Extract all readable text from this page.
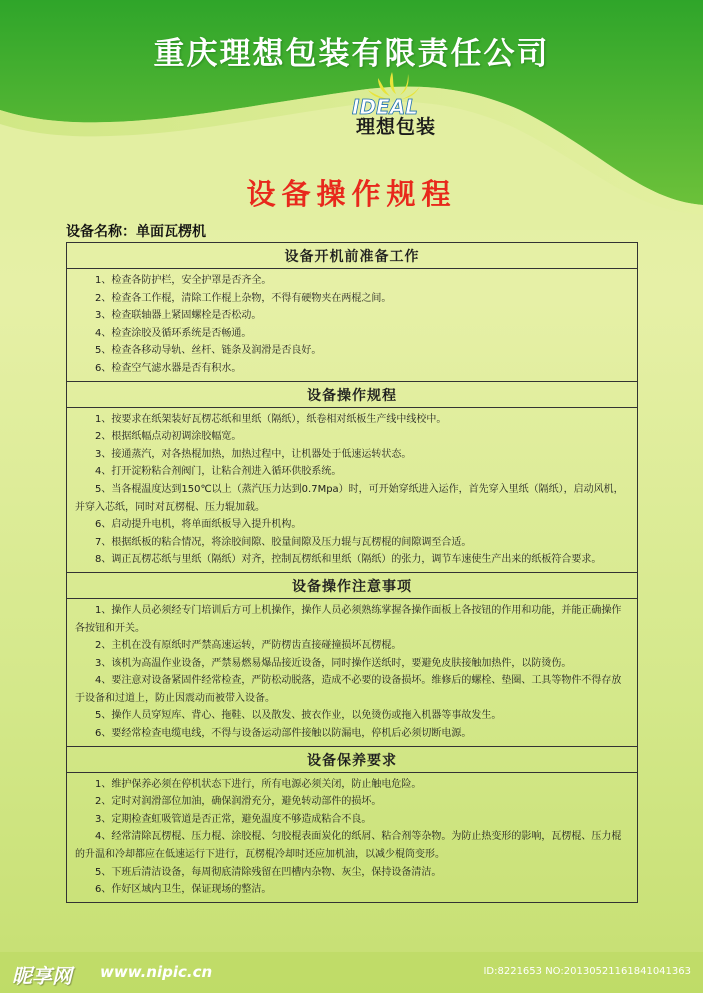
重庆理想包装有限责任公司
IDEAL
理想包装
设备操作规程
设备名称：单面瓦楞机
设备开机前准备工作
1、检查各防护栏，安全护罩是否齐全。
2、检查各工作棍，清除工作棍上杂物，不得有硬物夹在两棍之间。
3、检查联轴器上紧固螺栓是否松动。
4、检查涂胶及循环系统是否畅通。
5、检查各移动导轨、丝杆、链条及润滑是否良好。
6、检查空气滤水器是否有积水。
设备操作规程
1、按要求在纸架装好瓦楞芯纸和里纸（隔纸），纸卷相对纸板生产线中线校中。
2、根据纸幅点动初调涂胶幅宽。
3、接通蒸汽，对各热棍加热，加热过程中，让机器处于低速运转状态。
4、打开淀粉粘合剂阀门，让粘合剂进入循环供胶系统。
5、当各棍温度达到150℃以上（蒸汽压力达到0.7Mpa）时，可开始穿纸进入运作，首先穿入里纸（隔纸），启动风机，并穿入芯纸，同时对瓦楞棍、压力辊加载。
6、启动提升电机，将单面纸板导入提升机构。
7、根据纸板的粘合情况，将涂胶间隙、胶量间隙及压力辊与瓦楞棍的间隙调至合适。
8、调正瓦楞芯纸与里纸（隔纸）对齐，控制瓦楞纸和里纸（隔纸）的张力，调节车速使生产出来的纸板符合要求。
设备操作注意事项
1、操作人员必须经专门培训后方可上机操作，操作人员必须熟练掌握各操作面板上各按钮的作用和功能，并能正确操作各按钮和开关。
2、主机在没有原纸时严禁高速运转，严防楞齿直接碰撞损坏瓦楞棍。
3、该机为高温作业设备，严禁易燃易爆品接近设备，同时操作送纸时，要避免皮肤接触加热件，以防烫伤。
4、要注意对设备紧固件经常检查，严防松动脱落，造成不必要的设备损坏。维修后的螺栓、垫圈、工具等物件不得存放于设备和过道上，防止因震动而被带入设备。
5、操作人员穿短库、背心、拖鞋、以及散发、披衣作业，以免烫伤或拖入机器等事故发生。
6、要经常检查电缆电线，不得与设备运动部件接触以防漏电，停机后必须切断电源。
设备保养要求
1、维护保养必须在停机状态下进行，所有电源必须关闭，防止触电危险。
2、定时对润滑部位加油，确保润滑充分，避免转动部件的损坏。
3、定期检查虹吸管道是否正常，避免温度不够造成粘合不良。
4、经常清除瓦楞棍、压力棍、涂胶棍、匀胶棍表面炭化的纸屑、粘合剂等杂物。为防止热变形的影响，瓦楞棍、压力棍的升温和冷却都应在低速运行下进行，瓦楞棍冷却时还应加机油，以减少棍筒变形。
5、下班后清洁设备，每周彻底清除残留在凹槽内杂物、灰尘，保持设备清洁。
6、作好区域内卫生，保证现场的整洁。
昵享网 www.nipic.cn	ID:8221653 NO:20130521161841041363
